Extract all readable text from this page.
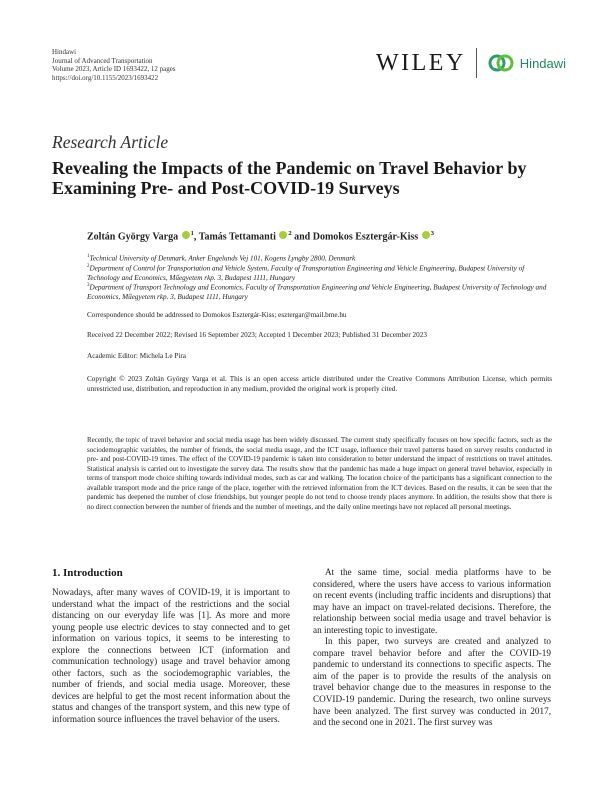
Hindawi
Journal of Advanced Transportation
Volume 2023, Article ID 1693422, 12 pages
https://doi.org/10.1155/2023/1693422
WILEY	Hindawi
Research Article
Revealing the Impacts of the Pandemic on Travel Behavior by Examining Pre- and Post-COVID-19 Surveys
Zoltán György Varga $^1$, Tamás Tettamanti $^2$ and Domokos Esztergár-Kiss $^3$
$^1$Technical University of Denmark, Anker Engelunds Vej 101, Kogens Lyngby 2800, Denmark
$^2$Department of Control for Transportation and Vehicle System, Faculty of Transportation Engineering and Vehicle Engineering, Budapest University of Technology and Economics, Műegyetem rkp. 3, Budapest 1111, Hungary
$^3$Department of Transport Technology and Economics, Faculty of Transportation Engineering and Vehicle Engineering, Budapest University of Technology and Economics, Műegyetem rkp. 3, Budapest 1111, Hungary
Correspondence should be addressed to Domokos Esztergár-Kiss; esztergar@mail.bme.hu
Received 22 December 2022; Revised 16 September 2023; Accepted 1 December 2023; Published 31 December 2023
Academic Editor: Michela Le Pira
Copyright © 2023 Zoltán György Varga et al. This is an open access article distributed under the Creative Commons Attribution License, which permits unrestricted use, distribution, and reproduction in any medium, provided the original work is properly cited.
Recently, the topic of travel behavior and social media usage has been widely discussed. The current study specifically focuses on how specific factors, such as the sociodemographic variables, the number of friends, the social media usage, and the ICT usage, influence their travel patterns based on survey results conducted in pre- and post-COVID-19 times. The effect of the COVID-19 pandemic is taken into consideration to better understand the impact of restrictions on travel attitudes. Statistical analysis is carried out to investigate the survey data. The results show that the pandemic has made a huge impact on general travel behavior, especially in terms of transport mode choice shifting towards individual modes, such as car and walking. The location choice of the participants has a significant connection to the available transport mode and the price range of the place, together with the retrieved information from the ICT devices. Based on the results, it can be seen that the pandemic has deepened the number of close friendships, but younger people do not tend to choose trendy places anymore. In addition, the results show that there is no direct connection between the number of friends and the number of meetings, and the daily online meetings have not replaced all personal meetings.
1. Introduction

Nowadays, after many waves of COVID-19, it is important to understand what the impact of the restrictions and the social distancing on our everyday life was [1]. As more and more young people use electric devices to stay connected and to get information on various topics, it seems to be interesting to explore the connections between ICT (information and communication technology) usage and travel behavior among other factors, such as the sociodemographic variables, the number of friends, and social media usage. Moreover, these devices are helpful to get the most recent information about the status and changes of the transport system, and this new type of information source influences the travel behavior of the users.

At the same time, social media platforms have to be considered, where the users have access to various information on recent events (including traffic incidents and disruptions) that may have an impact on travel-related decisions. Therefore, the relationship between social media usage and travel behavior is an interesting topic to investigate.

In this paper, two surveys are created and analyzed to compare travel behavior before and after the COVID-19 pandemic to understand its connections to specific aspects. The aim of the paper is to provide the results of the analysis on travel behavior change due to the measures in response to the COVID-19 pandemic. During the research, two online surveys have been analyzed. The first survey was conducted in 2017, and the second one in 2021. The first survey was
